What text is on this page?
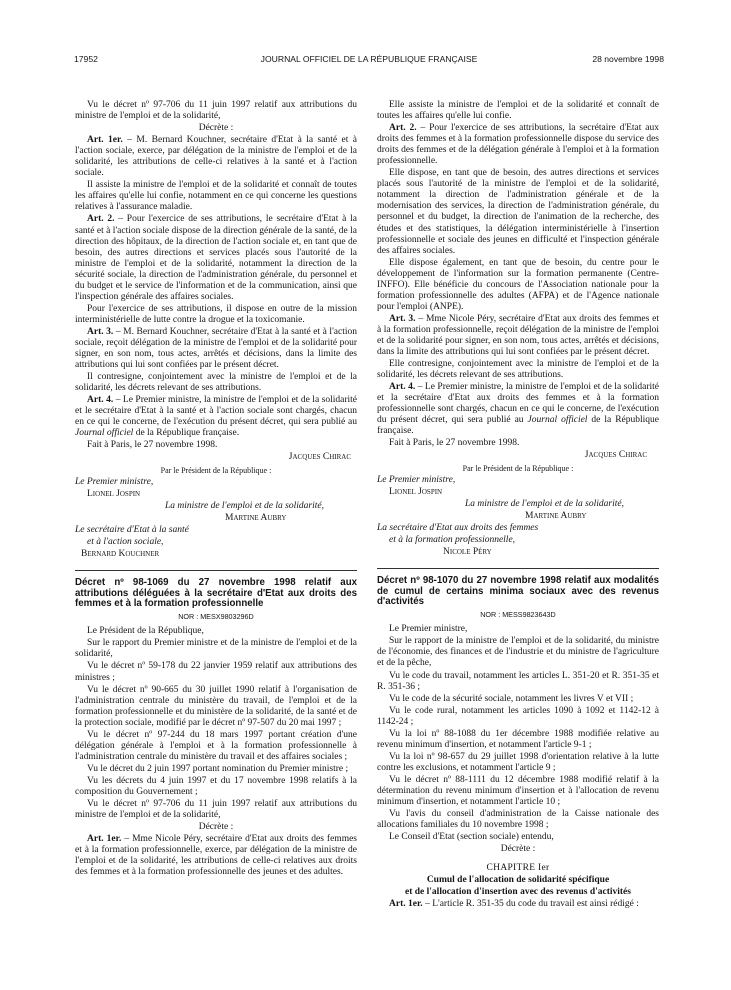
17952	JOURNAL OFFICIEL DE LA RÉPUBLIQUE FRANÇAISE	28 novembre 1998

Vu le décret nº 97-706 du 11 juin 1997 relatif aux attributions du ministre de l'emploi et de la solidarité,

Décrète :

Art. 1er. – M. Bernard Kouchner, secrétaire d'Etat à la santé et à l'action sociale, exerce, par délégation de la ministre de l'emploi et de la solidarité, les attributions de celle-ci relatives à la santé et à l'action sociale.

Il assiste la ministre de l'emploi et de la solidarité et connaît de toutes les affaires qu'elle lui confie, notamment en ce qui concerne les questions relatives à l'assurance maladie.

Art. 2. – Pour l'exercice de ses attributions, le secrétaire d'Etat à la santé et à l'action sociale dispose de la direction générale de la santé, de la direction des hôpitaux, de la direction de l'action sociale et, en tant que de besoin, des autres directions et services placés sous l'autorité de la ministre de l'emploi et de la solidarité, notamment la direction de la sécurité sociale, la direction de l'administration générale, du personnel et du budget et le service de l'information et de la communication, ainsi que l'inspection générale des affaires sociales.

Pour l'exercice de ses attributions, il dispose en outre de la mission interministérielle de lutte contre la drogue et la toxicomanie.

Art. 3. – M. Bernard Kouchner, secrétaire d'Etat à la santé et à l'action sociale, reçoit délégation de la ministre de l'emploi et de la solidarité pour signer, en son nom, tous actes, arrêtés et décisions, dans la limite des attributions qui lui sont confiées par le présent décret.

Il contresigne, conjointement avec la ministre de l'emploi et de la solidarité, les décrets relevant de ses attributions.

Art. 4. – Le Premier ministre, la ministre de l'emploi et de la solidarité et le secrétaire d'Etat à la santé et à l'action sociale sont chargés, chacun en ce qui le concerne, de l'exécution du présent décret, qui sera publié au Journal officiel de la République française.

Fait à Paris, le 27 novembre 1998.

Jacques Chirac

Par le Président de la République :

Le Premier ministre,

Lionel Jospin

La ministre de l'emploi et de la solidarité,

Martine Aubry

Le secrétaire d'Etat à la santé

et à l'action sociale,

Bernard Kouchner

Décret nº 98-1069 du 27 novembre 1998 relatif aux attributions déléguées à la secrétaire d'Etat aux droits des femmes et à la formation professionnelle

NOR : MESX9803296D

Le Président de la République,

Sur le rapport du Premier ministre et de la ministre de l'emploi et de la solidarité,

Vu le décret nº 59-178 du 22 janvier 1959 relatif aux attributions des ministres ;

Vu le décret nº 90-665 du 30 juillet 1990 relatif à l'organisation de l'administration centrale du ministère du travail, de l'emploi et de la formation professionnelle et du ministère de la solidarité, de la santé et de la protection sociale, modifié par le décret nº 97-507 du 20 mai 1997 ;

Vu le décret nº 97-244 du 18 mars 1997 portant création d'une délégation générale à l'emploi et à la formation professionnelle à l'administration centrale du ministère du travail et des affaires sociales ;

Vu le décret du 2 juin 1997 portant nomination du Premier ministre ;

Vu les décrets du 4 juin 1997 et du 17 novembre 1998 relatifs à la composition du Gouvernement ;

Vu le décret nº 97-706 du 11 juin 1997 relatif aux attributions du ministre de l'emploi et de la solidarité,

Décrète :

Art. 1er. – Mme Nicole Péry, secrétaire d'Etat aux droits des femmes et à la formation professionnelle, exerce, par délégation de la ministre de l'emploi et de la solidarité, les attributions de celle-ci relatives aux droits des femmes et à la formation professionnelle des jeunes et des adultes.

Elle assiste la ministre de l'emploi et de la solidarité et connaît de toutes les affaires qu'elle lui confie.

Art. 2. – Pour l'exercice de ses attributions, la secrétaire d'Etat aux droits des femmes et à la formation professionnelle dispose du service des droits des femmes et de la délégation générale à l'emploi et à la formation professionnelle.

Elle dispose, en tant que de besoin, des autres directions et services placés sous l'autorité de la ministre de l'emploi et de la solidarité, notamment la direction de l'administration générale et de la modernisation des services, la direction de l'administration générale, du personnel et du budget, la direction de l'animation de la recherche, des études et des statistiques, la délégation interministérielle à l'insertion professionnelle et sociale des jeunes en difficulté et l'inspection générale des affaires sociales.

Elle dispose également, en tant que de besoin, du centre pour le développement de l'information sur la formation permanente (Centre-INFFO). Elle bénéficie du concours de l'Association nationale pour la formation professionnelle des adultes (AFPA) et de l'Agence nationale pour l'emploi (ANPE).

Art. 3. – Mme Nicole Péry, secrétaire d'Etat aux droits des femmes et à la formation professionnelle, reçoit délégation de la ministre de l'emploi et de la solidarité pour signer, en son nom, tous actes, arrêtés et décisions, dans la limite des attributions qui lui sont confiées par le présent décret.

Elle contresigne, conjointement avec la ministre de l'emploi et de la solidarité, les décrets relevant de ses attributions.

Art. 4. – Le Premier ministre, la ministre de l'emploi et de la solidarité et la secrétaire d'Etat aux droits des femmes et à la formation professionnelle sont chargés, chacun en ce qui le concerne, de l'exécution du présent décret, qui sera publié au Journal officiel de la République française.

Fait à Paris, le 27 novembre 1998.

Jacques Chirac

Par le Président de la République :

Le Premier ministre,

Lionel Jospin

La ministre de l'emploi et de la solidarité,

Martine Aubry

La secrétaire d'Etat aux droits des femmes

et à la formation professionnelle,

Nicole Péry

Décret nº 98-1070 du 27 novembre 1998 relatif aux modalités de cumul de certains minima sociaux avec des revenus d'activités

NOR : MESS9823643D

Le Premier ministre,

Sur le rapport de la ministre de l'emploi et de la solidarité, du ministre de l'économie, des finances et de l'industrie et du ministre de l'agriculture et de la pêche,

Vu le code du travail, notamment les articles L. 351-20 et R. 351-35 et R. 351-36 ;

Vu le code de la sécurité sociale, notamment les livres V et VII ;

Vu le code rural, notamment les articles 1090 à 1092 et 1142-12 à 1142-24 ;

Vu la loi nº 88-1088 du 1er décembre 1988 modifiée relative au revenu minimum d'insertion, et notamment l'article 9-1 ;

Vu la loi nº 98-657 du 29 juillet 1998 d'orientation relative à la lutte contre les exclusions, et notamment l'article 9 ;

Vu le décret nº 88-1111 du 12 décembre 1988 modifié relatif à la détermination du revenu minimum d'insertion et à l'allocation de revenu minimum d'insertion, et notamment l'article 10 ;

Vu l'avis du conseil d'administration de la Caisse nationale des allocations familiales du 10 novembre 1998 ;

Le Conseil d'Etat (section sociale) entendu,

Décrète :

CHAPITRE Ier

Cumul de l'allocation de solidarité spécifique

et de l'allocation d'insertion avec des revenus d'activités

Art. 1er. – L'article R. 351-35 du code du travail est ainsi rédigé :
